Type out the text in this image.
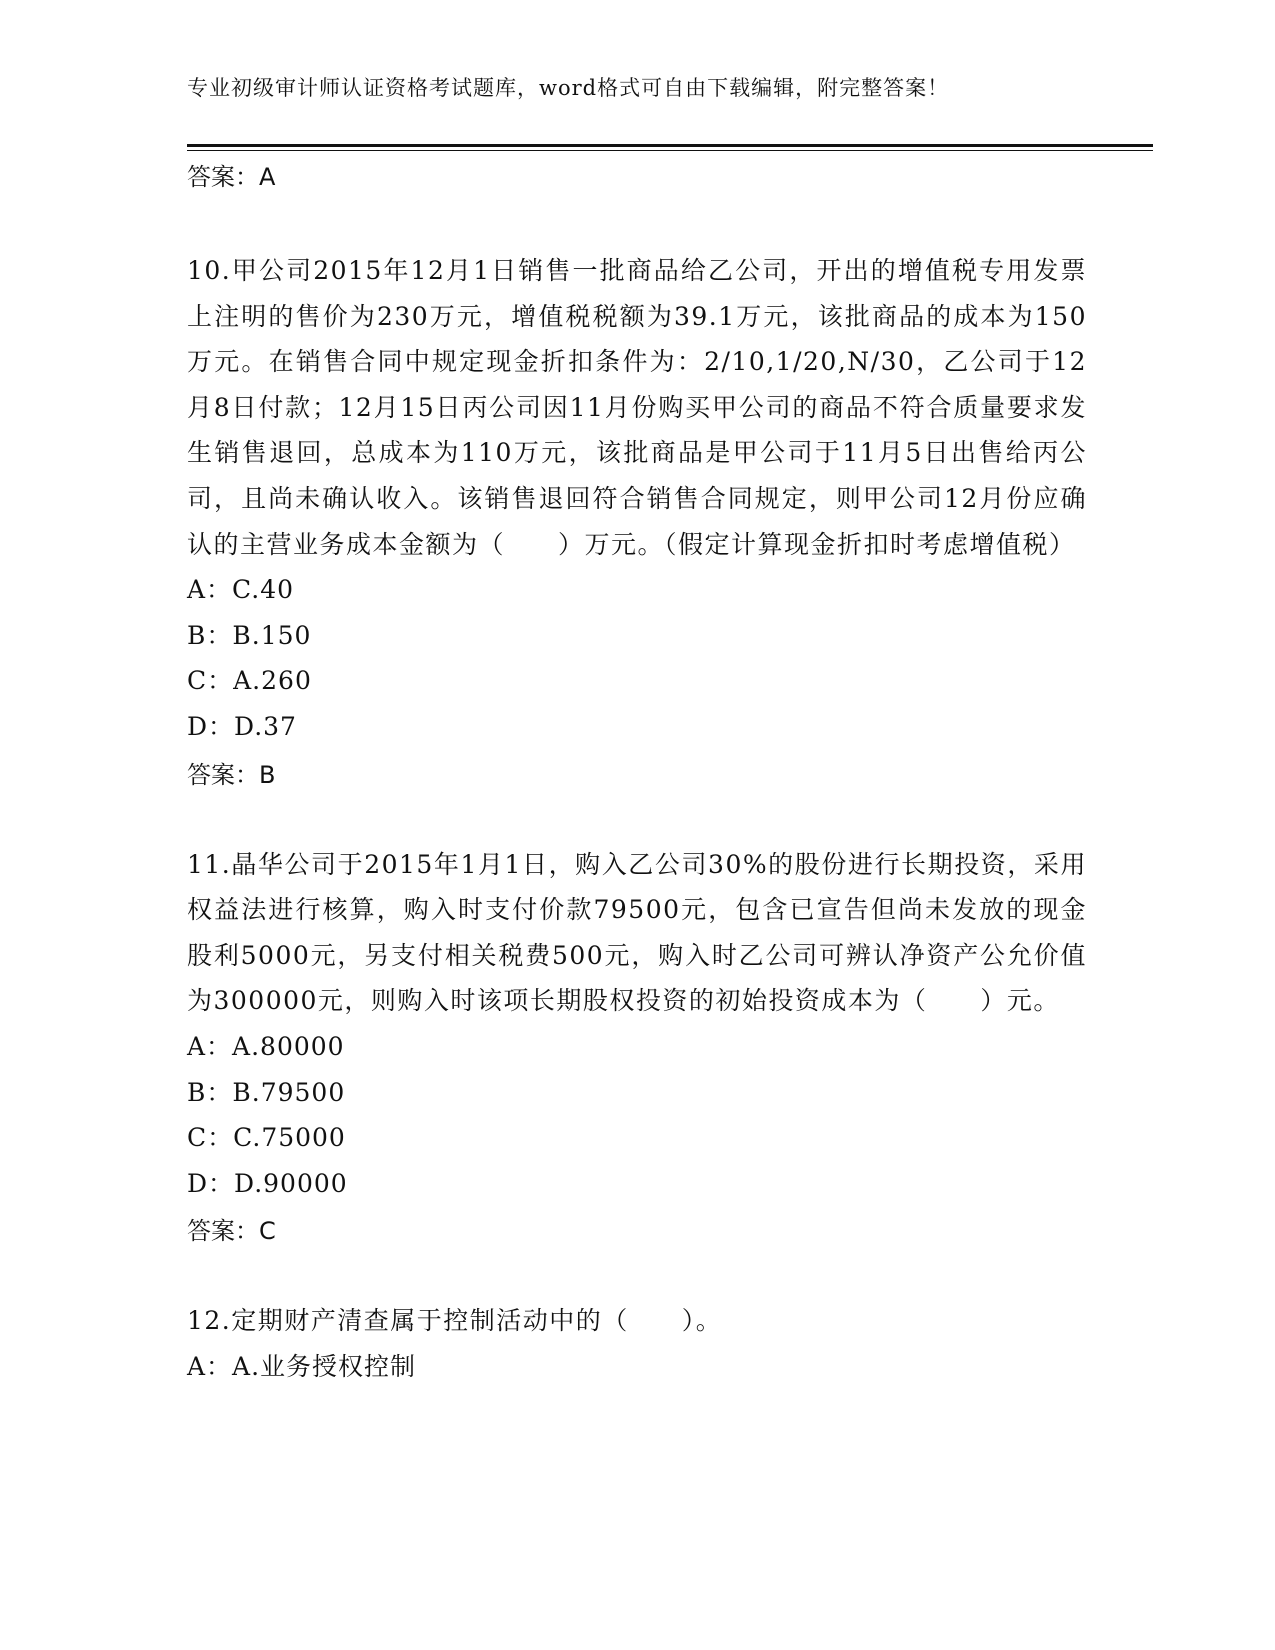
专业初级审计师认证资格考试题库，word格式可自由下载编辑，附完整答案！
答案：A

10.甲公司2015年12月1日销售一批商品给乙公司，开出的增值税专用发票上注明的售价为230万元，增值税税额为39.1万元，该批商品的成本为150万元。在销售合同中规定现金折扣条件为：2/10,1/20,N/30，乙公司于12月8日付款；12月15日丙公司因11月份购买甲公司的商品不符合质量要求发生销售退回，总成本为110万元，该批商品是甲公司于11月5日出售给丙公司，且尚未确认收入。该销售退回符合销售合同规定，则甲公司12月份应确认的主营业务成本金额为（　　）万元。（假定计算现金折扣时考虑增值税）

A：C.40
B：B.150
C：A.260
D：D.37
答案：B

11.晶华公司于2015年1月1日，购入乙公司30%的股份进行长期投资，采用权益法进行核算，购入时支付价款79500元，包含已宣告但尚未发放的现金股利5000元，另支付相关税费500元，购入时乙公司可辨认净资产公允价值为300000元，则购入时该项长期股权投资的初始投资成本为（　　）元。

A：A.80000
B：B.79500
C：C.75000
D：D.90000
答案：C

12.定期财产清查属于控制活动中的（　　）。

A：A.业务授权控制
